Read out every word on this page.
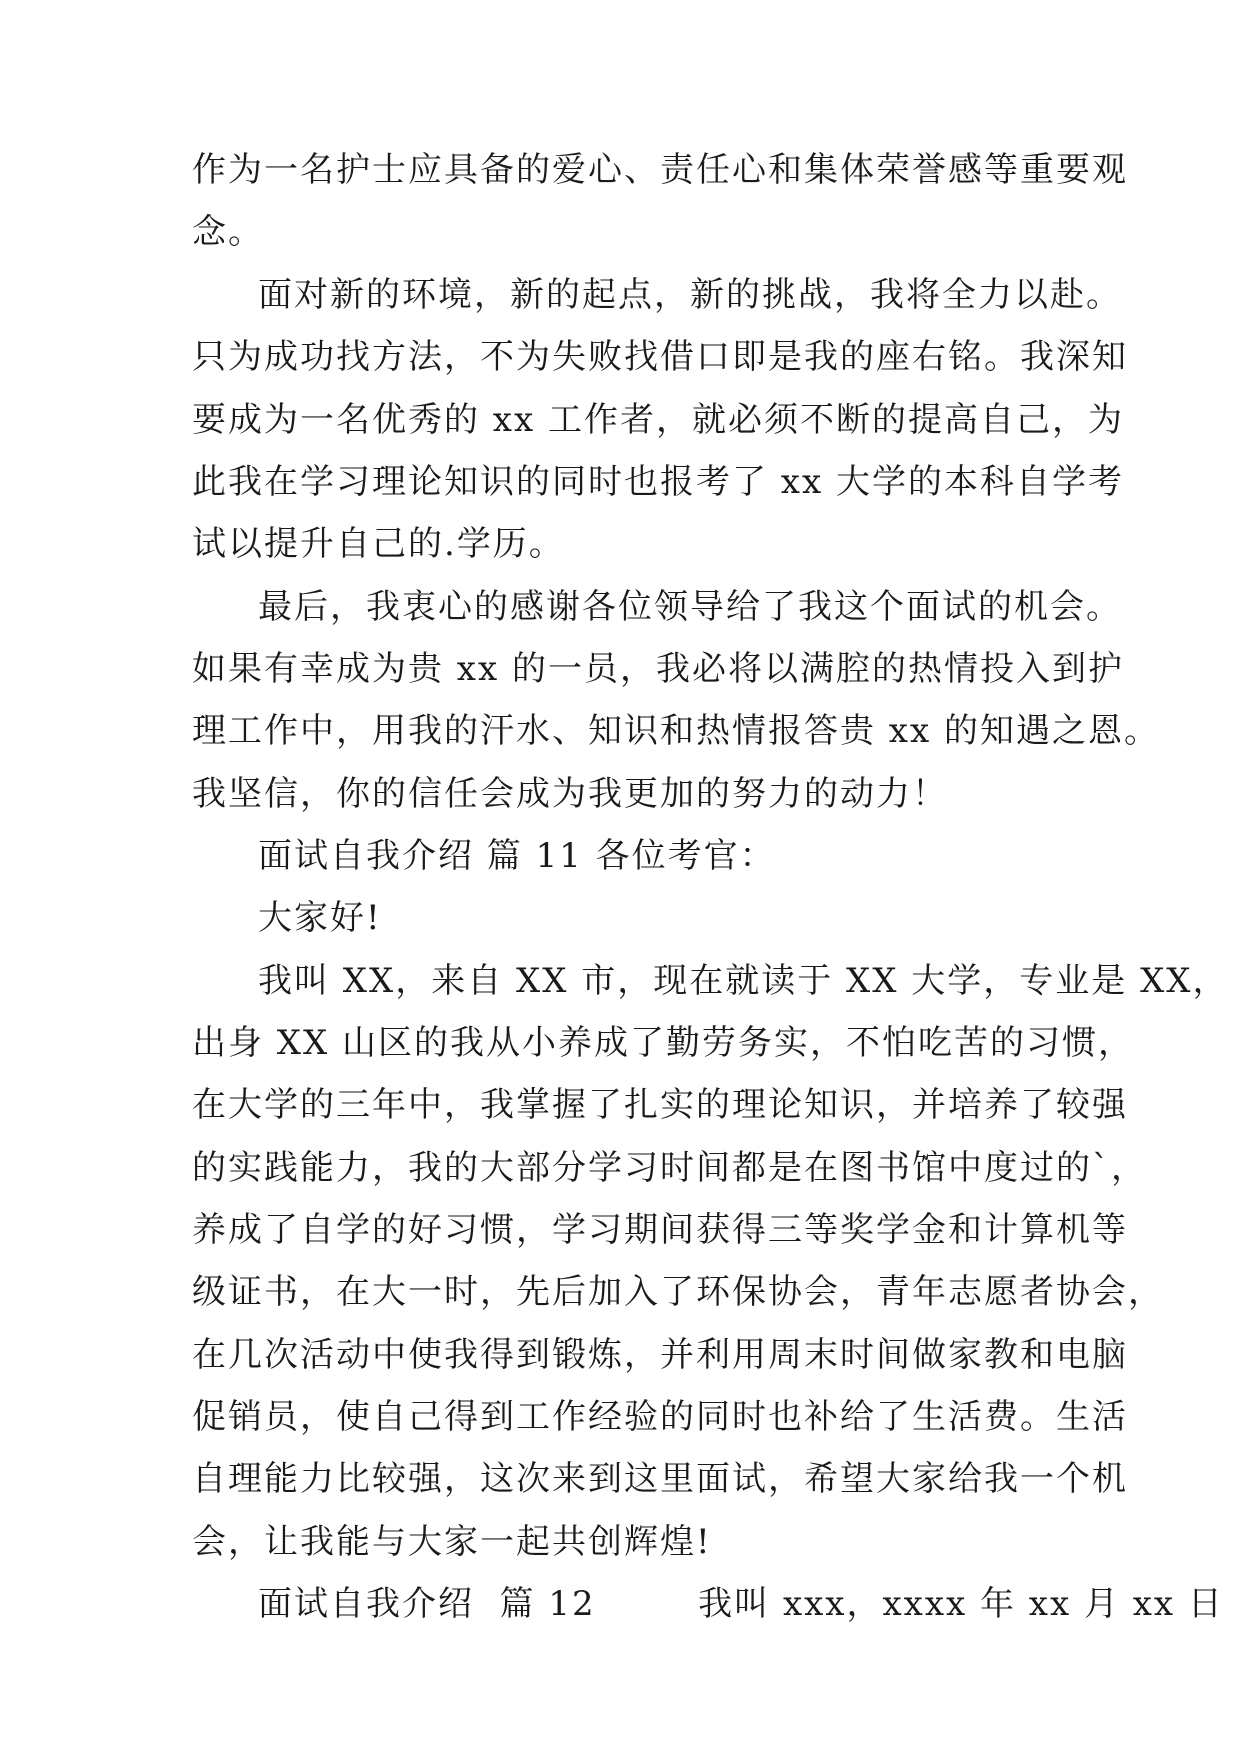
作为一名护士应具备的爱心、责任心和集体荣誉感等重要观
念。
面对新的环境，新的起点，新的挑战，我将全力以赴。
只为成功找方法，不为失败找借口即是我的座右铭。我深知
要成为一名优秀的 xx 工作者，就必须不断的提高自己，为
此我在学习理论知识的同时也报考了 xx 大学的本科自学考
试以提升自己的.学历。
最后，我衷心的感谢各位领导给了我这个面试的机会。
如果有幸成为贵 xx 的一员，我必将以满腔的热情投入到护
理工作中，用我的汗水、知识和热情报答贵 xx 的知遇之恩。
我坚信，你的信任会成为我更加的努力的动力！
面试自我介绍 篇 11 各位考官：
大家好!
我叫 XX，来自 XX 市，现在就读于 XX 大学，专业是 XX，
出身 XX 山区的我从小养成了勤劳务实，不怕吃苦的习惯，
在大学的三年中，我掌握了扎实的理论知识，并培养了较强
的实践能力，我的大部分学习时间都是在图书馆中度过的`，
养成了自学的好习惯，学习期间获得三等奖学金和计算机等
级证书，在大一时，先后加入了环保协会，青年志愿者协会，
在几次活动中使我得到锻炼，并利用周末时间做家教和电脑
促销员，使自己得到工作经验的同时也补给了生活费。生活
自理能力比较强，这次来到这里面试，希望大家给我一个机
会，让我能与大家一起共创辉煌!
面试自我介绍  篇 12        我叫 xxx，xxxx 年 xx 月 xx 日
